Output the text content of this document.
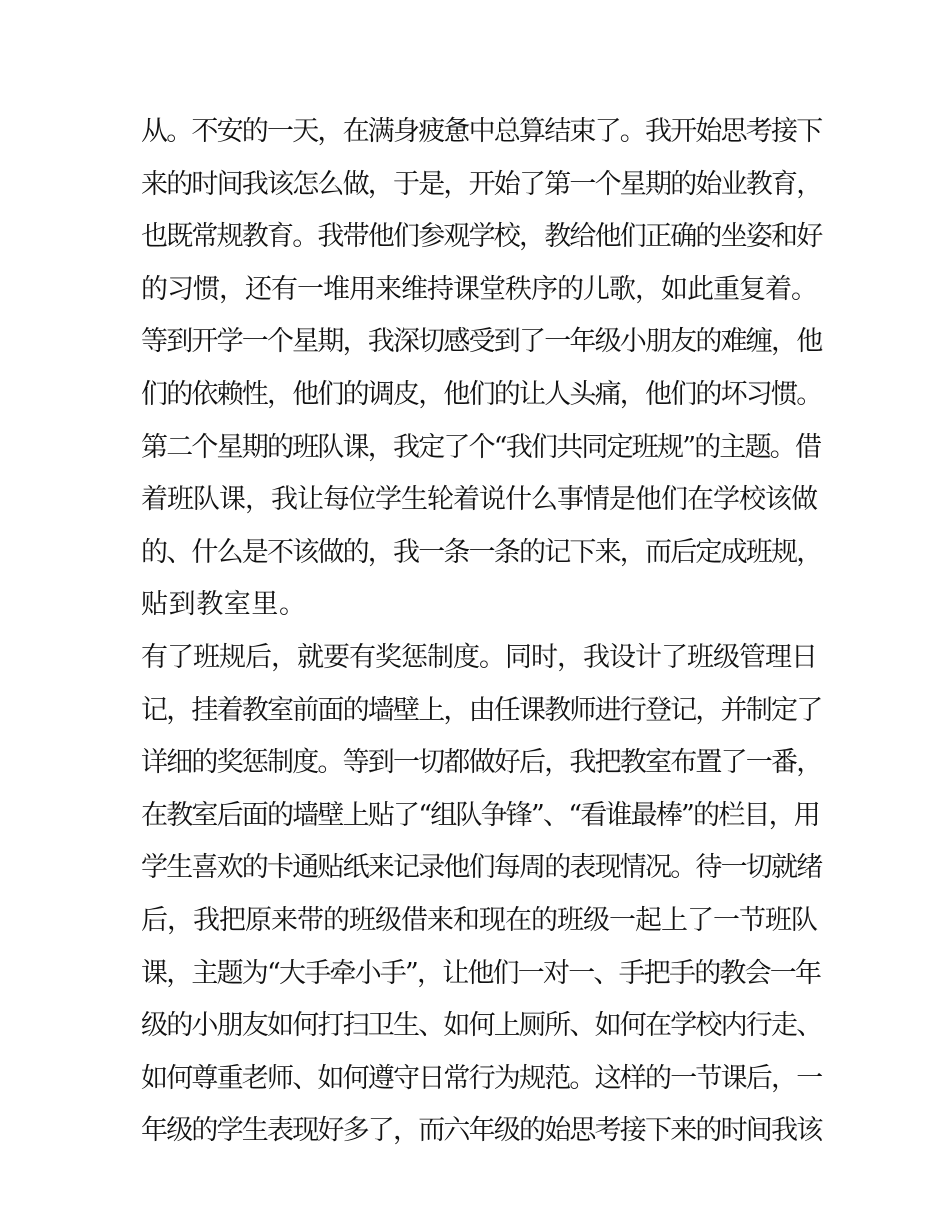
从。不安的一天，在满身疲惫中总算结束了。我开始思考接下
来的时间我该怎么做，于是，开始了第一个星期的始业教育，
也既常规教育。我带他们参观学校，教给他们正确的坐姿和好
的习惯，还有一堆用来维持课堂秩序的儿歌，如此重复着。
等到开学一个星期，我深切感受到了一年级小朋友的难缠，他
们的依赖性，他们的调皮，他们的让人头痛，他们的坏习惯。
第二个星期的班队课，我定了个“我们共同定班规”的主题。借
着班队课，我让每位学生轮着说什么事情是他们在学校该做
的、什么是不该做的，我一条一条的记下来，而后定成班规，
贴到教室里。
有了班规后，就要有奖惩制度。同时，我设计了班级管理日
记，挂着教室前面的墙壁上，由任课教师进行登记，并制定了
详细的奖惩制度。等到一切都做好后，我把教室布置了一番，
在教室后面的墙壁上贴了“组队争锋”、“看谁最棒”的栏目，用
学生喜欢的卡通贴纸来记录他们每周的表现情况。待一切就绪
后，我把原来带的班级借来和现在的班级一起上了一节班队
课，主题为“大手牵小手”，让他们一对一、手把手的教会一年
级的小朋友如何打扫卫生、如何上厕所、如何在学校内行走、
如何尊重老师、如何遵守日常行为规范。这样的一节课后，一
年级的学生表现好多了，而六年级的始思考接下来的时间我该
